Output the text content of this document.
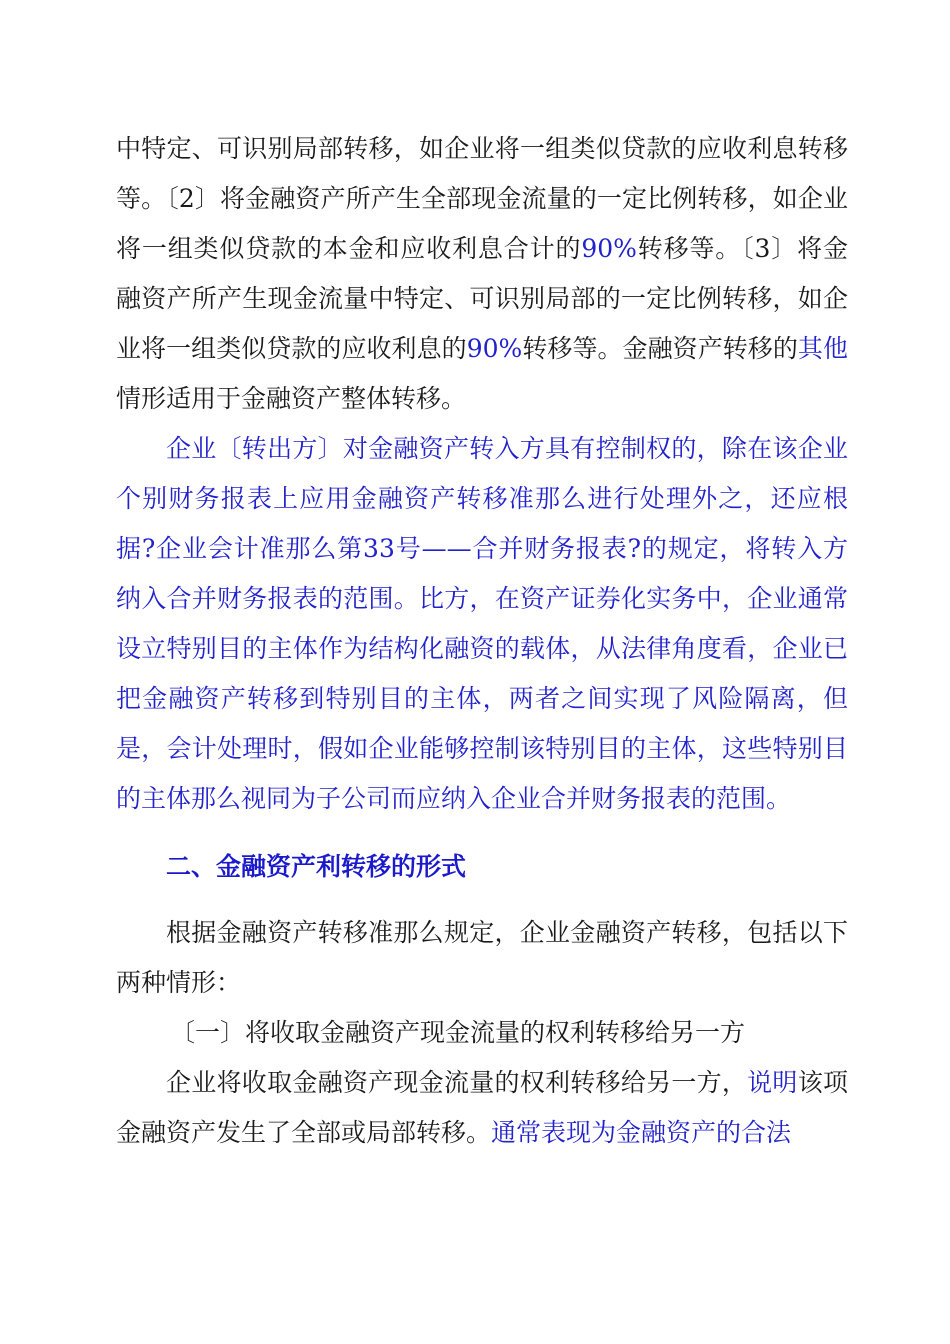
中特定、可识别局部转移，如企业将一组类似贷款的应收利息转移等。〔2〕将金融资产所产生全部现金流量的一定比例转移，如企业将一组类似贷款的本金和应收利息合计的90%转移等。〔3〕将金融资产所产生现金流量中特定、可识别局部的一定比例转移，如企业将一组类似贷款的应收利息的90%转移等。金融资产转移的其他情形适用于金融资产整体转移。

企业〔转出方〕对金融资产转入方具有控制权的，除在该企业个别财务报表上应用金融资产转移准那么进行处理外之，还应根据?企业会计准那么第33号——合并财务报表?的规定，将转入方纳入合并财务报表的范围。比方，在资产证券化实务中，企业通常设立特别目的主体作为结构化融资的载体，从法律角度看，企业已把金融资产转移到特别目的主体，两者之间实现了风险隔离，但是，会计处理时，假如企业能够控制该特别目的主体，这些特别目的主体那么视同为子公司而应纳入企业合并财务报表的范围。

二、金融资产利转移的形式

根据金融资产转移准那么规定，企业金融资产转移，包括以下两种情形：

〔一〕将收取金融资产现金流量的权利转移给另一方

企业将收取金融资产现金流量的权利转移给另一方，说明该项金融资产发生了全部或局部转移。通常表现为金融资产的合法
